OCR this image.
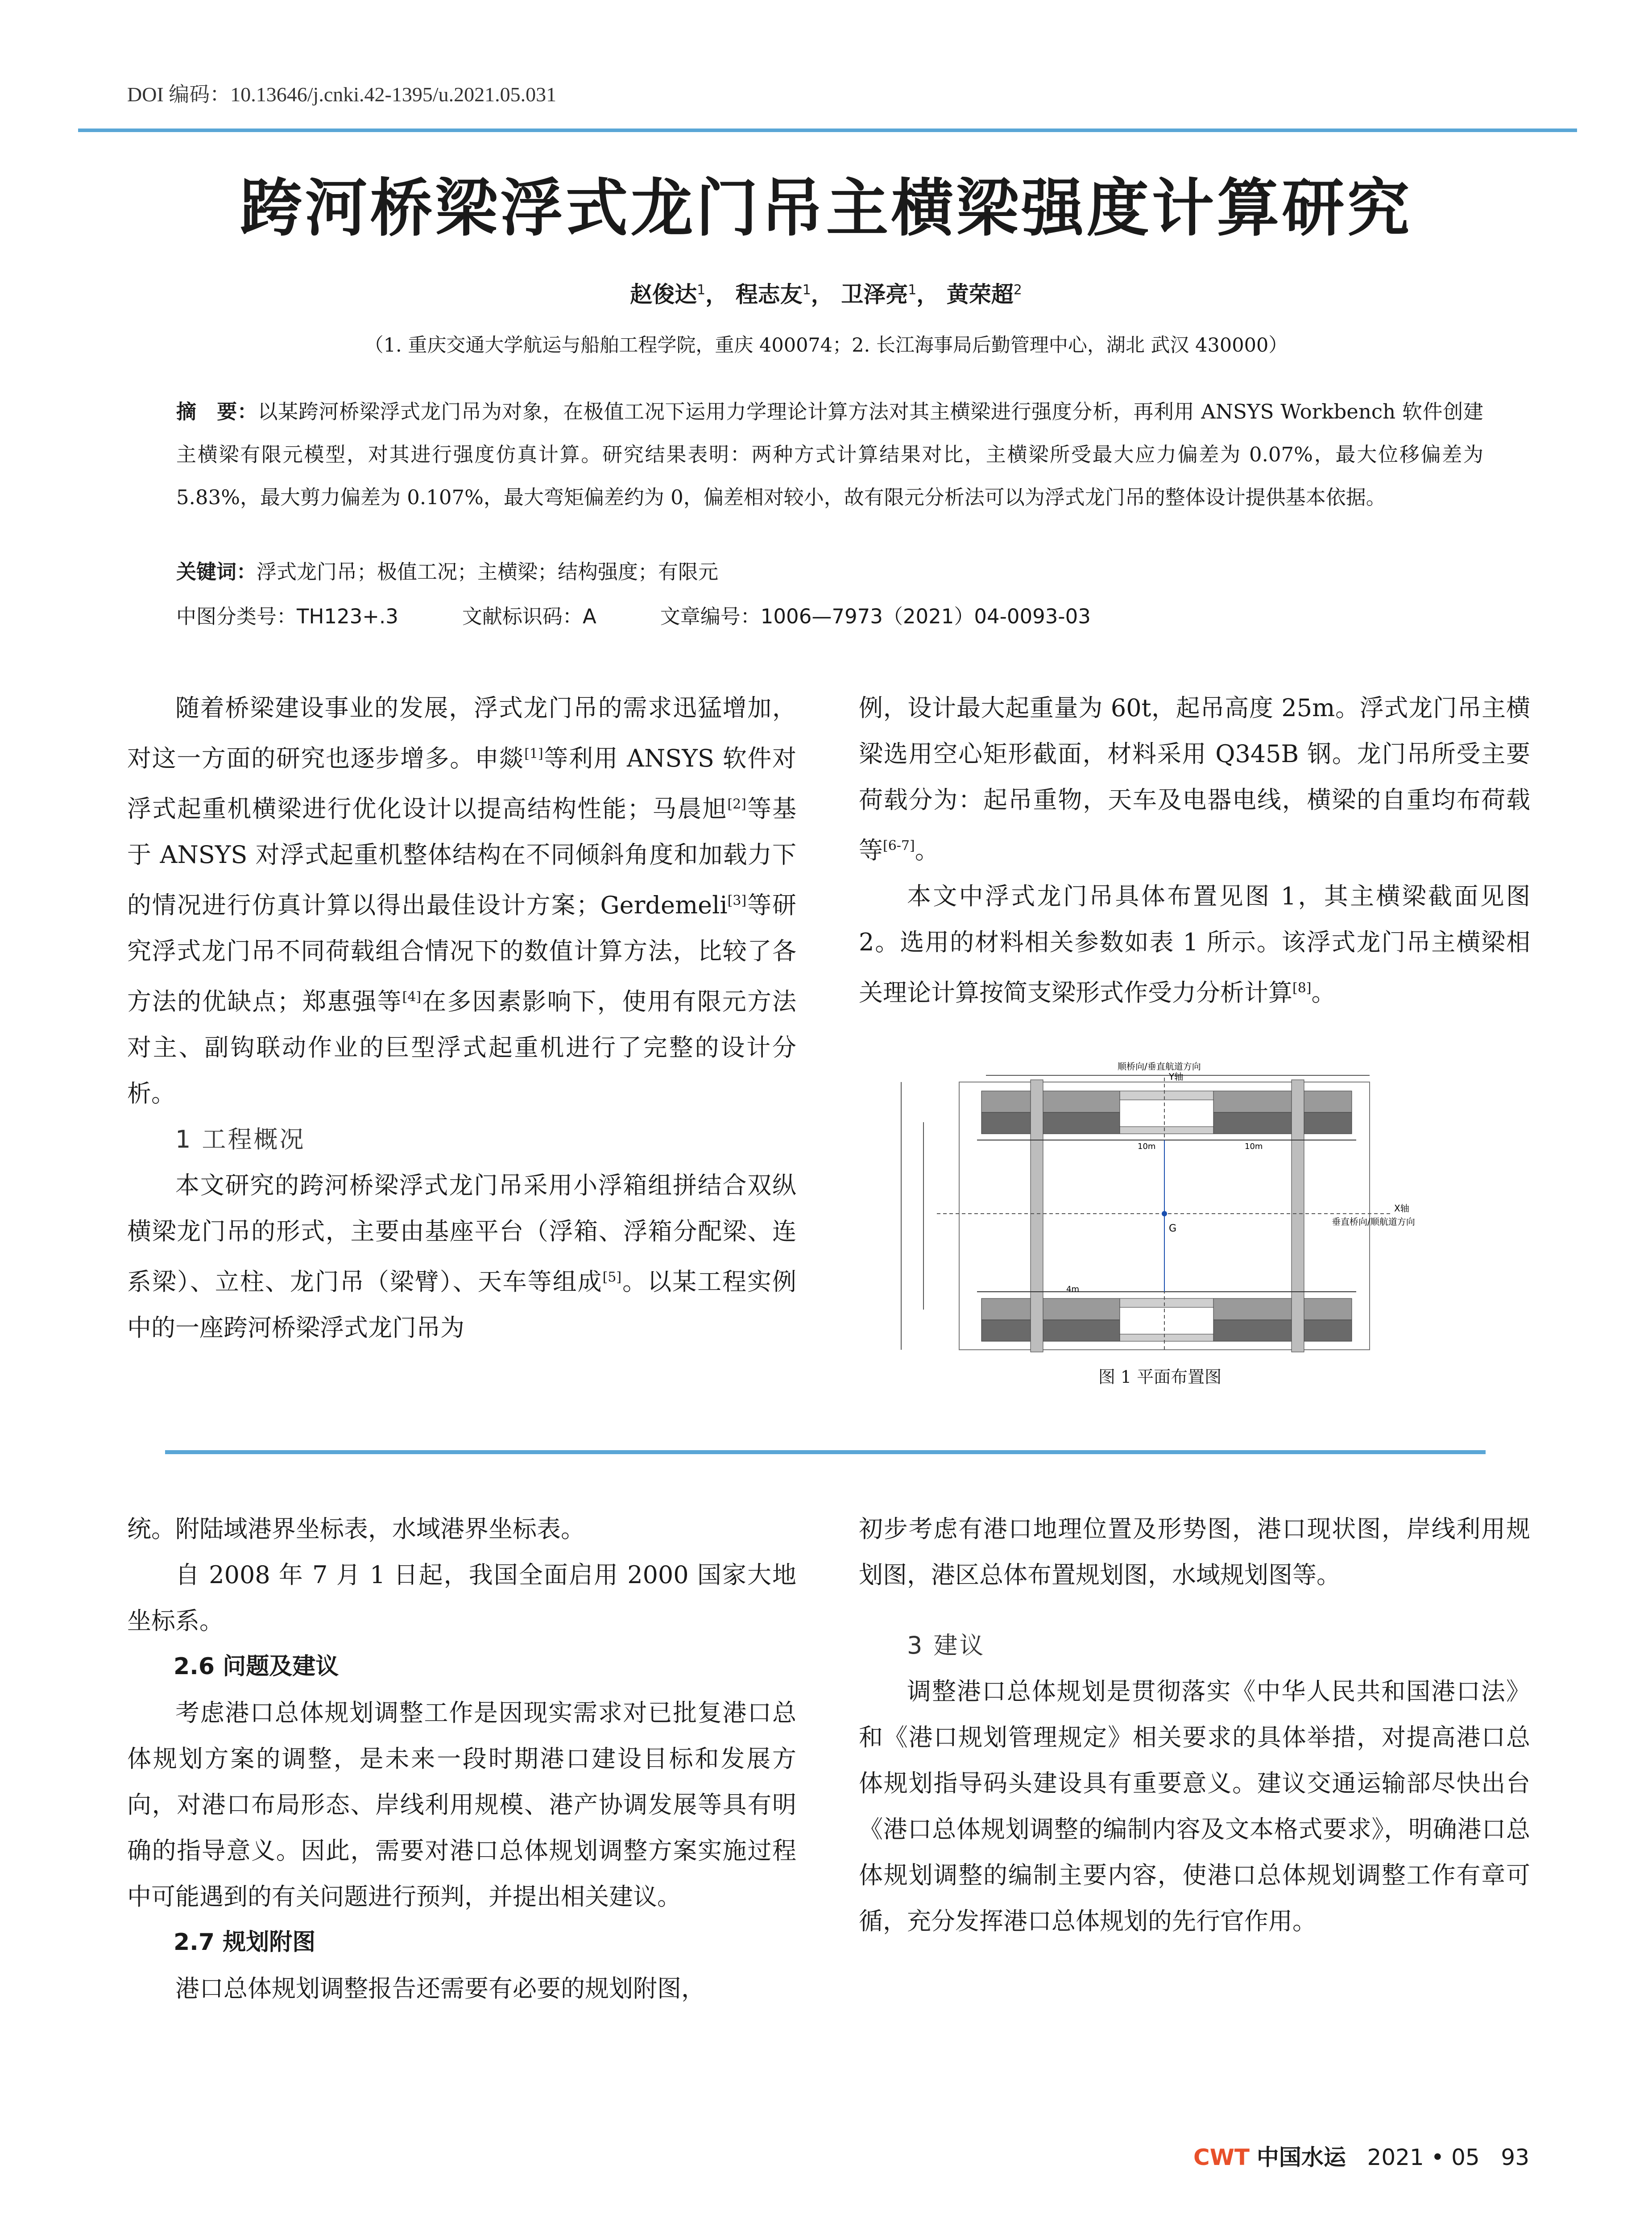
DOI 编码：10.13646/j.cnki.42-1395/u.2021.05.031
跨河桥梁浮式龙门吊主横梁强度计算研究
赵俊达$^1$， 程志友$^1$， 卫泽亮$^1$， 黄荣超$^2$
（1. 重庆交通大学航运与船舶工程学院，重庆 400074；2. 长江海事局后勤管理中心，湖北 武汉 430000）
摘　要：以某跨河桥梁浮式龙门吊为对象，在极值工况下运用力学理论计算方法对其主横梁进行强度分析，再利用 ANSYS Workbench 软件创建主横梁有限元模型，对其进行强度仿真计算。研究结果表明：两种方式计算结果对比，主横梁所受最大应力偏差为 0.07%，最大位移偏差为 5.83%，最大剪力偏差为 0.107%，最大弯矩偏差约为 0，偏差相对较小，故有限元分析法可以为浮式龙门吊的整体设计提供基本依据。
关键词：浮式龙门吊；极值工况；主横梁；结构强度；有限元
中图分类号：TH123+.3	文献标识码：A	文章编号：1006—7973（2021）04-0093-03

随着桥梁建设事业的发展，浮式龙门吊的需求迅猛增加，对这一方面的研究也逐步增多。申燚[1]等利用 ANSYS 软件对浮式起重机横梁进行优化设计以提高结构性能；马晨旭[2]等基于 ANSYS 对浮式起重机整体结构在不同倾斜角度和加载力下的情况进行仿真计算以得出最佳设计方案；Gerdemeli[3]等研究浮式龙门吊不同荷载组合情况下的数值计算方法，比较了各方法的优缺点；郑惠强等[4]在多因素影响下，使用有限元方法对主、副钩联动作业的巨型浮式起重机进行了完整的设计分析。

1 工程概况

本文研究的跨河桥梁浮式龙门吊采用小浮箱组拼结合双纵横梁龙门吊的形式，主要由基座平台（浮箱、浮箱分配梁、连系梁）、立柱、龙门吊（梁臂）、天车等组成[5]。以某工程实例中的一座跨河桥梁浮式龙门吊为

例，设计最大起重量为 60t，起吊高度 25m。浮式龙门吊主横梁选用空心矩形截面，材料采用 Q345B 钢。龙门吊所受主要荷载分为：起吊重物，天车及电器电线，横梁的自重均布荷载等[6-7]。

本文中浮式龙门吊具体布置见图 1，其主横梁截面见图 2。选用的材料相关参数如表 1 所示。该浮式龙门吊主横梁相关理论计算按简支梁形式作受力分析计算[8]。

顺桥向/垂直航道方向
10m	10m
4m
Y轴
X轴
垂直桥向/顺航道方向
G
图 1 平面布置图

统。附陆域港界坐标表，水域港界坐标表。

自 2008 年 7 月 1 日起，我国全面启用 2000 国家大地坐标系。

2.6 问题及建议

考虑港口总体规划调整工作是因现实需求对已批复港口总体规划方案的调整，是未来一段时期港口建设目标和发展方向，对港口布局形态、岸线利用规模、港产协调发展等具有明确的指导意义。因此，需要对港口总体规划调整方案实施过程中可能遇到的有关问题进行预判，并提出相关建议。

2.7 规划附图

港口总体规划调整报告还需要有必要的规划附图，

初步考虑有港口地理位置及形势图，港口现状图，岸线利用规划图，港区总体布置规划图，水域规划图等。

3 建议

调整港口总体规划是贯彻落实《中华人民共和国港口法》和《港口规划管理规定》相关要求的具体举措，对提高港口总体规划指导码头建设具有重要意义。建议交通运输部尽快出台《港口总体规划调整的编制内容及文本格式要求》，明确港口总体规划调整的编制主要内容，使港口总体规划调整工作有章可循，充分发挥港口总体规划的先行官作用。

CWT 中国水运 2021 • 05 93
